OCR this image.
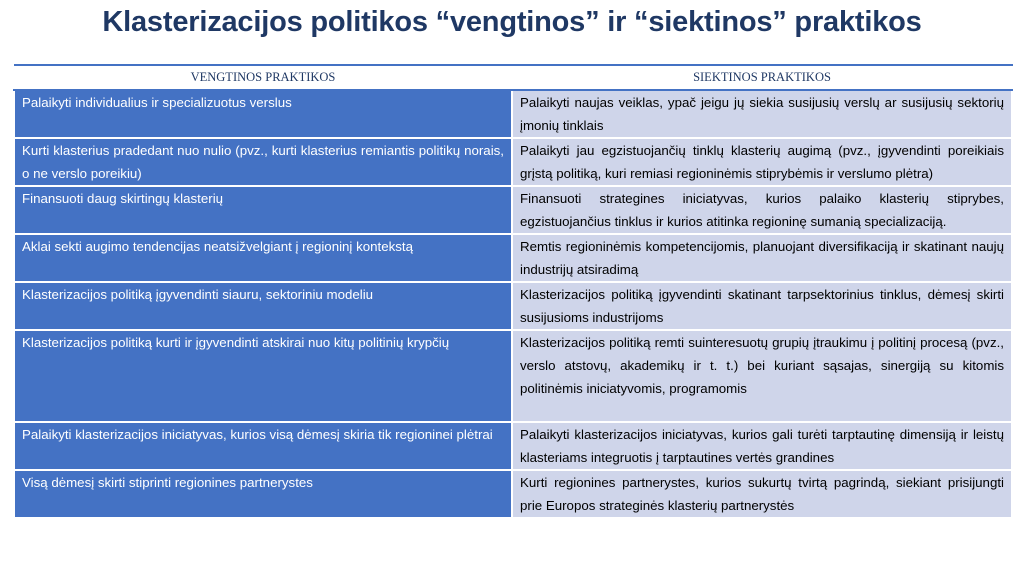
Klasterizacijos politikos “vengtinos” ir “siektinos” praktikos
VENGTINOS PRAKTIKOS	SIEKTINOS PRAKTIKOS
Palaikyti individualius ir specializuotus verslus	Palaikyti naujas veiklas, ypač jeigu jų siekia susijusių verslų ar susijusių sektorių įmonių tinklais
Kurti klasterius pradedant nuo nulio (pvz., kurti klasterius remiantis politikų norais, o ne verslo poreikiu)	Palaikyti jau egzistuojančių tinklų klasterių augimą (pvz., įgyvendinti poreikiais grįstą politiką, kuri remiasi regioninėmis stiprybėmis ir verslumo plėtra)
Finansuoti daug skirtingų klasterių	Finansuoti strategines iniciatyvas, kurios palaiko klasterių stiprybes, egzistuojančius tinklus ir kurios atitinka regioninę sumanią specializaciją.
Aklai sekti augimo tendencijas neatsižvelgiant į regioninį kontekstą	Remtis regioninėmis kompetencijomis, planuojant diversifikaciją ir skatinant naujų industrijų atsiradimą
Klasterizacijos politiką įgyvendinti siauru, sektoriniu modeliu	Klasterizacijos politiką įgyvendinti skatinant tarpsektorinius tinklus, dėmesį skirti susijusioms industrijoms
Klasterizacijos politiką kurti ir įgyvendinti atskirai nuo kitų politinių krypčių	Klasterizacijos politiką remti suinteresuotų grupių įtraukimu į politinį procesą (pvz., verslo atstovų, akademikų ir t. t.) bei kuriant sąsajas, sinergiją su kitomis politinėmis iniciatyvomis, programomis
Palaikyti klasterizacijos iniciatyvas, kurios visą dėmesį skiria tik regioninei plėtrai	Palaikyti klasterizacijos iniciatyvas, kurios gali turėti tarptautinę dimensiją ir leistų klasteriams integruotis į tarptautines vertės grandines
Visą dėmesį skirti stiprinti regionines partnerystes	Kurti regionines partnerystes, kurios sukurtų tvirtą pagrindą, siekiant prisijungti prie Europos strateginės klasterių partnerystės
